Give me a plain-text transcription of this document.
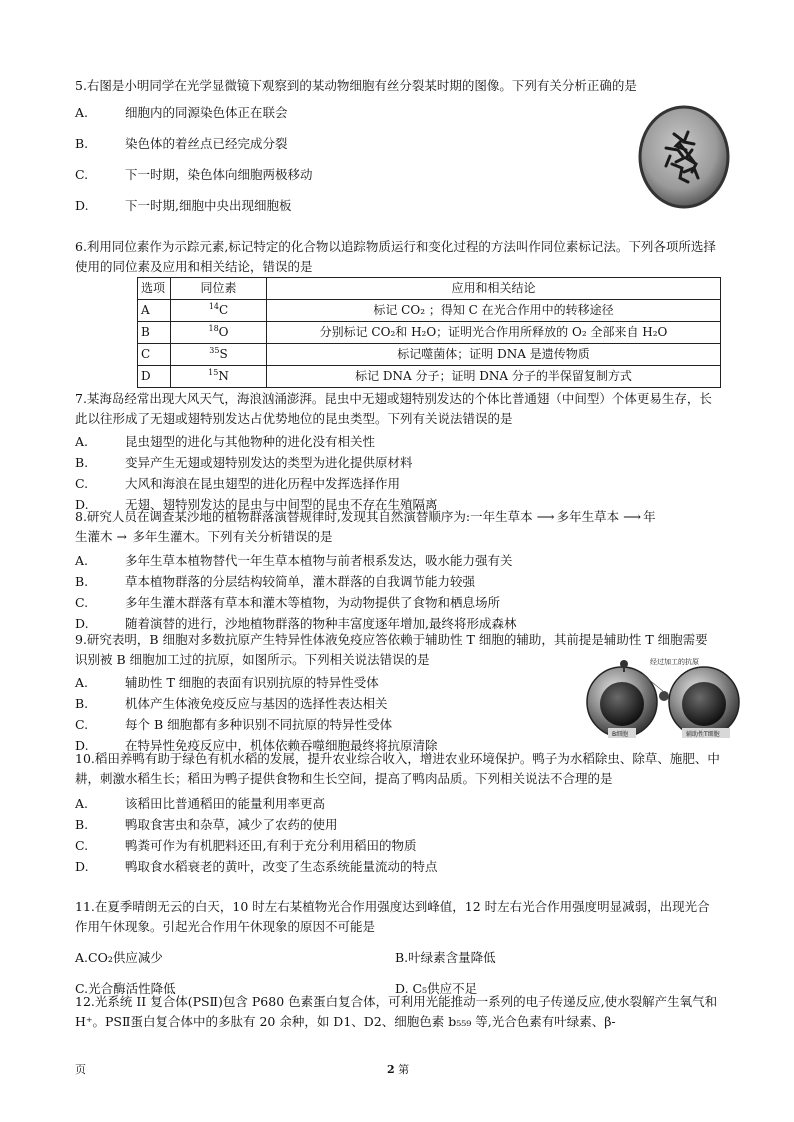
5.右图是小明同学在光学显微镜下观察到的某动物细胞有丝分裂某时期的图像。下列有关分析正确的是
A.	细胞内的同源染色体正在联会
B.	染色体的着丝点已经完成分裂
C.	下一时期，染色体向细胞两极移动
D.	下一时期,细胞中央出现细胞板
6.利用同位素作为示踪元素,标记特定的化合物以追踪物质运行和变化过程的方法叫作同位素标记法。下列各项所选择使用的同位素及应用和相关结论，错误的是
选项	同位素	应用和相关结论
A	$^{14}$C	标记 CO₂ ；得知 C 在光合作用中的转移途径
B	$^{18}$O	分别标记 CO₂和 H₂O；证明光合作用所释放的 O₂ 全部来自 H₂O
C	$^{35}$S	标记噬菌体；证明 DNA 是遗传物质
D	$^{15}$N	标记 DNA 分子；证明 DNA 分子的半保留复制方式
7.某海岛经常出现大风天气，海浪汹涌澎湃。昆虫中无翅或翅特别发达的个体比普通翅（中间型）个体更易生存，长此以往形成了无翅或翅特别发达占优势地位的昆虫类型。下列有关说法错误的是
A.	昆虫翅型的进化与其他物种的进化没有相关性
B.	变异产生无翅或翅特别发达的类型为进化提供原材料
C.	大风和海浪在昆虫翅型的进化历程中发挥选择作用
D.	无翅、翅特别发达的昆虫与中间型的昆虫不存在生殖隔离
8.研究人员在调查某沙地的植物群落演替规律时,发现其自然演替顺序为:一年生草本 ⟶ 多年生草本 ⟶ 年
生灌木 → 多年生灌木。下列有关分析错误的是
A.	多年生草本植物替代一年生草本植物与前者根系发达，吸水能力强有关
B.	草本植物群落的分层结构较简单，灌木群落的自我调节能力较强
C.	多年生灌木群落有草本和灌木等植物，为动物提供了食物和栖息场所
D.	随着演替的进行，沙地植物群落的物种丰富度逐年增加,最终将形成森林
9.研究表明，B 细胞对多数抗原产生特异性体液免疫应答依赖于辅助性 T 细胞的辅助，其前提是辅助性 T 细胞需要识别被 B 细胞加工过的抗原，如图所示。下列相关说法错误的是
A.	辅助性 T 细胞的表面有识别抗原的特异性受体
B.	机体产生体液免疫反应与基因的选择性表达相关
C.	每个 B 细胞都有多种识别不同抗原的特异性受体
D.	在特异性免疫反应中，机体依赖吞噬细胞最终将抗原清除
经过加工的抗原
B细胞	辅助性T细胞
10.稻田养鸭有助于绿色有机水稻的发展，提升农业综合收入，增进农业环境保护。鸭子为水稻除虫、除草、施肥、中耕，刺激水稻生长；稻田为鸭子提供食物和生长空间，提高了鸭肉品质。下列相关说法不合理的是
A.	该稻田比普通稻田的能量利用率更高
B.	鸭取食害虫和杂草，减少了农药的使用
C.	鸭粪可作为有机肥料还田,有利于充分利用稻田的物质
D.	鸭取食水稻衰老的黄叶，改变了生态系统能量流动的特点
11.在夏季晴朗无云的白天，10 时左右某植物光合作用强度达到峰值，12 时左右光合作用强度明显减弱，出现光合作用午休现象。引起光合作用午休现象的原因不可能是
A.CO₂供应减少	B.叶绿素含量降低
C.光合酶活性降低	D. C₅供应不足
12.光系统 II 复合体(PSⅡ)包含 P680 色素蛋白复合体，可利用光能推动一系列的电子传递反应,使水裂解产生氧气和 H⁺。PSⅡ蛋白复合体中的多肽有 20 余种，如 D1、D2、细胞色素 b₅₅₉ 等,光合色素有叶绿素、β-
页	2 第
